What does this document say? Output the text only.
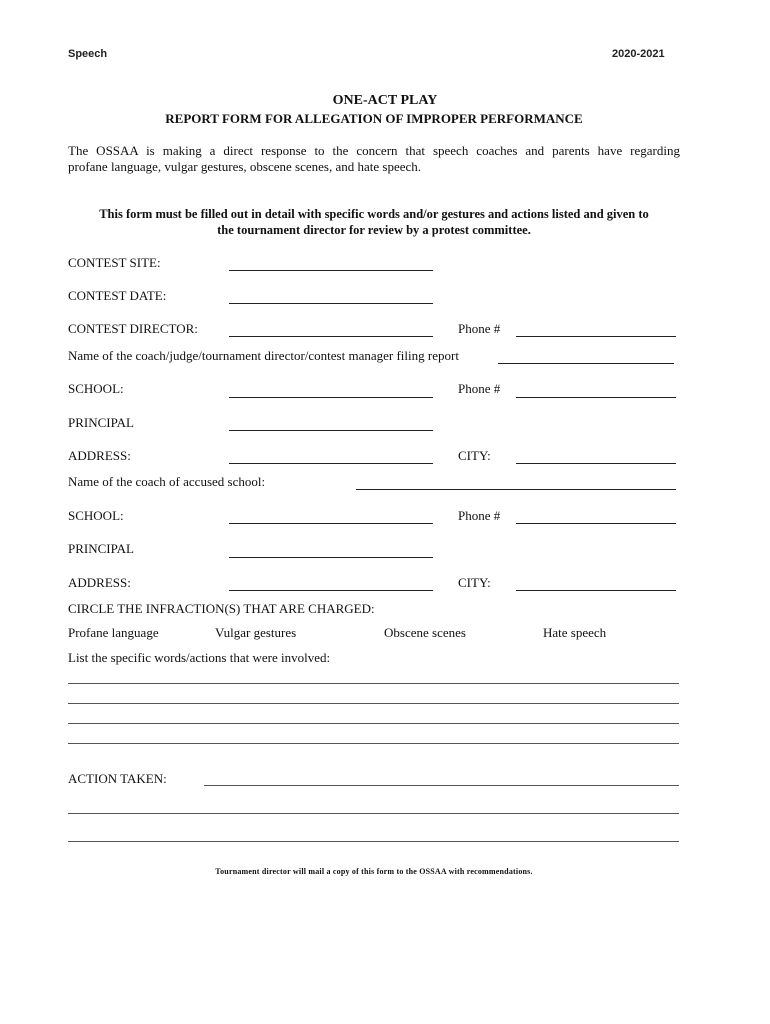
Speech	2020-2021
ONE-ACT PLAY
REPORT FORM FOR ALLEGATION OF IMPROPER PERFORMANCE
The OSSAA is making a direct response to the concern that speech coaches and parents have regarding
profane language, vulgar gestures, obscene scenes, and hate speech.
This form must be filled out in detail with specific words and/or gestures and actions listed and given to
the tournament director for review by a protest committee.
CONTEST SITE:
CONTEST DATE:
CONTEST DIRECTOR:	Phone #
Name of the coach/judge/tournament director/contest manager filing report
SCHOOL:	Phone #
PRINCIPAL
ADDRESS:	CITY:
Name of the coach of accused school:
SCHOOL:	Phone #
PRINCIPAL
ADDRESS:	CITY:
CIRCLE THE INFRACTION(S) THAT ARE CHARGED:
Profane language	Vulgar gestures	Obscene scenes	Hate speech
List the specific words/actions that were involved:
ACTION TAKEN:
Tournament director will mail a copy of this form to the OSSAA with recommendations.
